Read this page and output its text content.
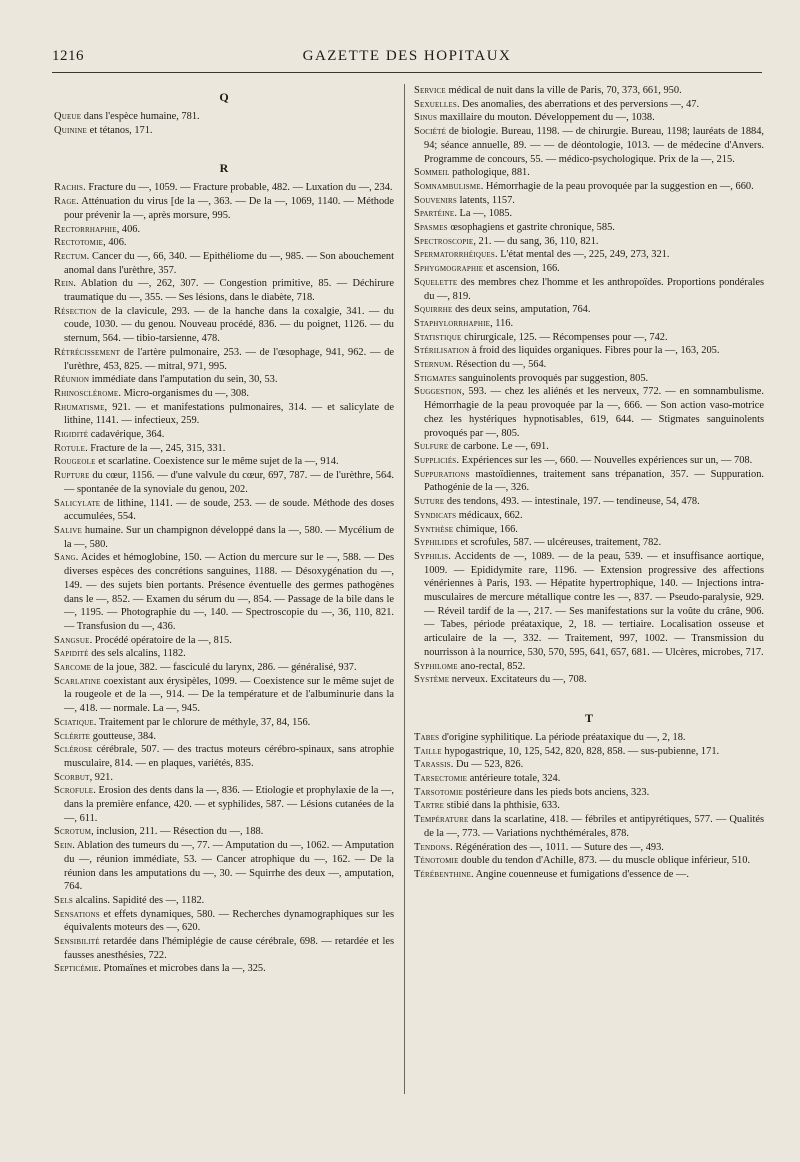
1216	GAZETTE DES HOPITAUX
Q

Queue dans l'espèce humaine, 781.

Quinine et tétanos, 171.

R

Rachis. Fracture du —, 1059. — Fracture probable, 482. — Luxation du —, 234.

Rage. Atténuation du virus [de la —, 363. — De la —, 1069, 1140. — Méthode pour prévenir la —, après morsure, 995.

Rectorrhaphie, 406.

Rectotomie, 406.

Rectum. Cancer du —, 66, 340. — Epithéliome du —, 985. — Son abouchement anomal dans l'urèthre, 357.

Rein. Ablation du —, 262, 307. — Congestion primitive, 85. — Déchirure traumatique du —, 355. — Ses lésions, dans le diabète, 718.

Résection de la clavicule, 293. — de la hanche dans la coxalgie, 341. — du coude, 1030. — du genou. Nouveau procédé, 836. — du poignet, 1126. — du sternum, 564. — tibio-tarsienne, 478.

Rétrécissement de l'artère pulmonaire, 253. — de l'œsophage, 941, 962. — de l'urèthre, 453, 825. — mitral, 971, 995.

Réunion immédiate dans l'amputation du sein, 30, 53.

Rhinosclérome. Micro-organismes du —, 308.

Rhumatisme, 921. — et manifestations pulmonaires, 314. — et salicylate de lithine, 1141. — infectieux, 259.

Rigidité cadavérique, 364.

Rotule. Fracture de la —, 245, 315, 331.

Rougeole et scarlatine. Coexistence sur le même sujet de la —, 914.

Rupture du cœur, 1156. — d'une valvule du cœur, 697, 787. — de l'urèthre, 564. — spontanée de la synoviale du genou, 202.

Salicylate de lithine, 1141. — de soude, 253. — de soude. Méthode des doses accumulées, 554.

Salive humaine. Sur un champignon développé dans la —, 580. — Mycélium de la —, 580.

Sang. Acides et hémoglobine, 150. — Action du mercure sur le —, 588. — Des diverses espèces des concrétions sanguines, 1188. — Désoxygénation du —, 149. — des sujets bien portants. Présence éventuelle des germes pathogènes dans le —, 852. — Examen du sérum du —, 854. — Passage de la bile dans le —, 1195. — Photographie du —, 140. — Spectroscopie du —, 36, 110, 821. — Transfusion du —, 436.

Sangsue. Procédé opératoire de la —, 815.

Sapidité des sels alcalins, 1182.

Sarcome de la joue, 382. — fasciculé du larynx, 286. — généralisé, 937.

Scarlatine coexistant aux érysipèles, 1099. — Coexistence sur le même sujet de la rougeole et de la —, 914. — De la température et de l'albuminurie dans la —, 418. — normale. La —, 945.

Sciatique. Traitement par le chlorure de méthyle, 37, 84, 156.

Sclérite goutteuse, 384.

Sclérose cérébrale, 507. — des tractus moteurs cérébro-spinaux, sans atrophie musculaire, 814. — en plaques, variétés, 835.

Scorbut, 921.

Scrofule. Erosion des dents dans la —, 836. — Etiologie et prophylaxie de la —, dans la première enfance, 420. — et syphilides, 587. — Lésions cutanées de la —, 611.

Scrotum, inclusion, 211. — Résection du —, 188.

Sein. Ablation des tumeurs du —, 77. — Amputation du —, 1062. — Amputation du —, réunion immédiate, 53. — Cancer atrophique du —, 162. — De la réunion dans les amputations du —, 30. — Squirrhe des deux —, amputation, 764.

Sels alcalins. Sapidité des —, 1182.

Sensations et effets dynamiques, 580. — Recherches dynamographiques sur les équivalents moteurs des —, 620.

Sensibilité retardée dans l'hémiplégie de cause cérébrale, 698. — retardée et les fausses anesthésies, 722.

Septicémie. Ptomaïnes et microbes dans la —, 325.

Service médical de nuit dans la ville de Paris, 70, 373, 661, 950.

Sexuelles. Des anomalies, des aberrations et des perversions —, 47.

Sinus maxillaire du mouton. Développement du —, 1038.

Société de biologie. Bureau, 1198. — de chirurgie. Bureau, 1198; lauréats de 1884, 94; séance annuelle, 89. — — de déontologie, 1013. — de médecine d'Anvers. Programme de concours, 55. — médico-psychologique. Prix de la —, 215.

Sommeil pathologique, 881.

Somnambulisme. Hémorrhagie de la peau provoquée par la suggestion en —, 660.

Souvenirs latents, 1157.

Spartéine. La —, 1085.

Spasmes œsophagiens et gastrite chronique, 585.

Spectroscopie, 21. — du sang, 36, 110, 821.

Spermatorrhéiques. L'état mental des —, 225, 249, 273, 321.

Sphygmographie et ascension, 166.

Squelette des membres chez l'homme et les anthropoïdes. Proportions pondérales du —, 819.

Squirrhe des deux seins, amputation, 764.

Staphylorrhaphie, 116.

Statistique chirurgicale, 125. — Récompenses pour —, 742.

Stérilisation à froid des liquides organiques. Fibres pour la —, 163, 205.

Sternum. Résection du —, 564.

Stigmates sanguinolents provoqués par suggestion, 805.

Suggestion, 593. — chez les aliénés et les nerveux, 772. — en somnambulisme. Hémorrhagie de la peau provoquée par la —, 666. — Son action vaso-motrice chez les hystériques hypnotisables, 619, 644. — Stigmates sanguinolents provoqués par —, 805.

Sulfure de carbone. Le —, 691.

Suppliciés. Expériences sur les —, 660. — Nouvelles expériences sur un, — 708.

Suppurations mastoïdiennes, traitement sans trépanation, 357. — Suppuration. Pathogénie de la —, 326.

Suture des tendons, 493. — intestinale, 197. — tendineuse, 54, 478.

Syndicats médicaux, 662.

Synthèse chimique, 166.

Syphilides et scrofules, 587. — ulcéreuses, traitement, 782.

Syphilis. Accidents de —, 1089. — de la peau, 539. — et insuffisance aortique, 1009. — Epididymite rare, 1196. — Extension progressive des affections vénériennes à Paris, 193. — Hépatite hypertrophique, 140. — Injections intra-musculaires de mercure métallique contre les —, 837. — Pseudo-paralysie, 929. — Réveil tardif de la —, 217. — Ses manifestations sur la voûte du crâne, 906. — Tabes, période préataxique, 2, 18. — tertiaire. Localisation osseuse et articulaire de la —, 332. — Traitement, 997, 1002. — Transmission du nourrisson à la nourrice, 530, 570, 595, 641, 657, 681. — Ulcères, microbes, 717.

Syphilome ano-rectal, 852.

Système nerveux. Excitateurs du —, 708.

T

Tabes d'origine syphilitique. La période préataxique du —, 2, 18.

Taille hypogastrique, 10, 125, 542, 820, 828, 858. — sus-pubienne, 171.

Tarassis. Du — 523, 826.

Tarsectomie antérieure totale, 324.

Tarsotomie postérieure dans les pieds bots anciens, 323.

Tartre stibié dans la phthisie, 633.

Température dans la scarlatine, 418. — fébriles et antipyrétiques, 577. — Qualités de la —, 773. — Variations nychthémérales, 878.

Tendons. Régénération des —, 1011. — Suture des —, 493.

Ténotomie double du tendon d'Achille, 873. — du muscle oblique inférieur, 510.

Térébenthine. Angine couenneuse et fumigations d'essence de —.
